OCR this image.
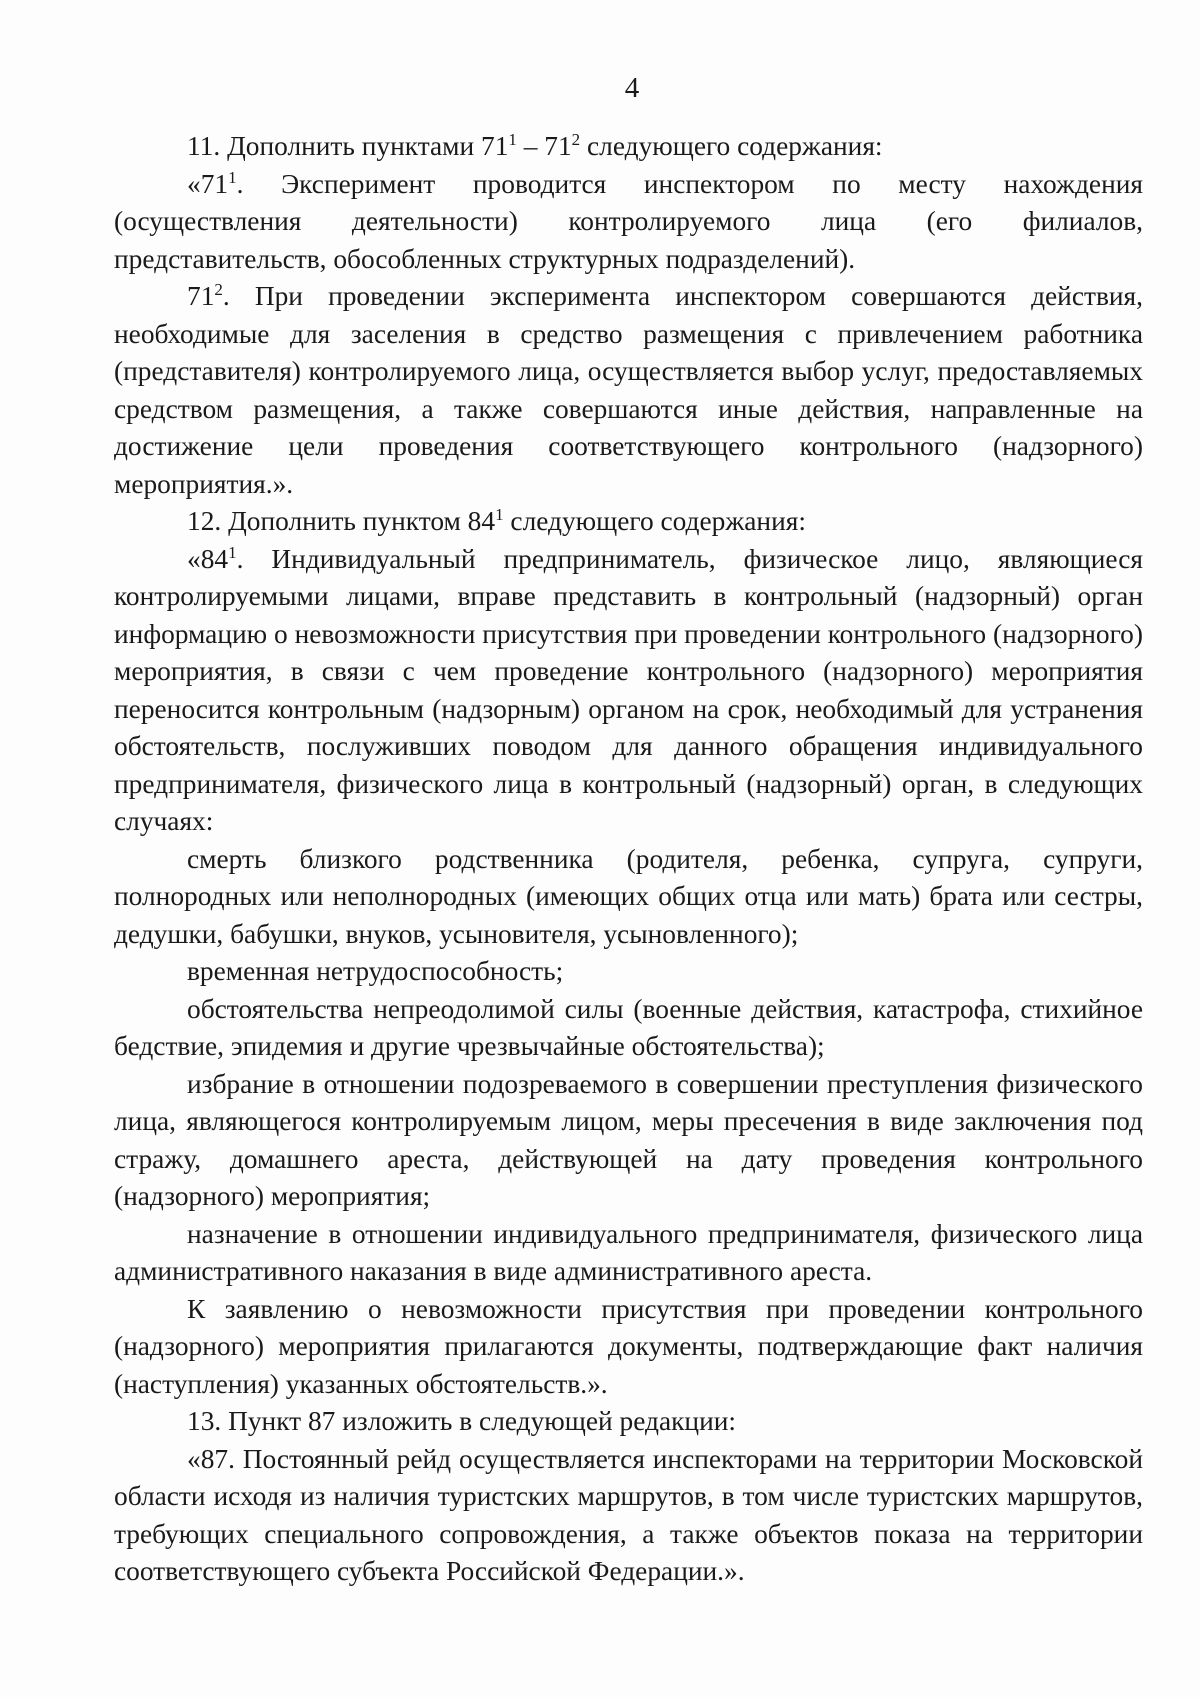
4

11. Дополнить пунктами $71^1 - 71^2$ следующего содержания:

«$71^1$. Эксперимент проводится инспектором по месту нахождения (осуществления деятельности) контролируемого лица (его филиалов, представительств, обособленных структурных подразделений).

$71^2$. При проведении эксперимента инспектором совершаются действия, необходимые для заселения в средство размещения с привлечением работника (представителя) контролируемого лица, осуществляется выбор услуг, предоставляемых средством размещения, а также совершаются иные действия, направленные на достижение цели проведения соответствующего контрольного (надзорного) мероприятия.».

12. Дополнить пунктом $84^1$ следующего содержания:

«$84^1$. Индивидуальный предприниматель, физическое лицо, являющиеся контролируемыми лицами, вправе представить в контрольный (надзорный) орган информацию о невозможности присутствия при проведении контрольного (надзорного) мероприятия, в связи с чем проведение контрольного (надзорного) мероприятия переносится контрольным (надзорным) органом на срок, необходимый для устранения обстоятельств, послуживших поводом для данного обращения индивидуального предпринимателя, физического лица в контрольный (надзорный) орган, в следующих случаях:

смерть близкого родственника (родителя, ребенка, супруга, супруги, полнородных или неполнородных (имеющих общих отца или мать) брата или сестры, дедушки, бабушки, внуков, усыновителя, усыновленного);

временная нетрудоспособность;

обстоятельства непреодолимой силы (военные действия, катастрофа, стихийное бедствие, эпидемия и другие чрезвычайные обстоятельства);

избрание в отношении подозреваемого в совершении преступления физического лица, являющегося контролируемым лицом, меры пресечения в виде заключения под стражу, домашнего ареста, действующей на дату проведения контрольного (надзорного) мероприятия;

назначение в отношении индивидуального предпринимателя, физического лица административного наказания в виде административного ареста.

К заявлению о невозможности присутствия при проведении контрольного (надзорного) мероприятия прилагаются документы, подтверждающие факт наличия (наступления) указанных обстоятельств.».

13. Пункт 87 изложить в следующей редакции:

«87. Постоянный рейд осуществляется инспекторами на территории Московской области исходя из наличия туристских маршрутов, в том числе туристских маршрутов, требующих специального сопровождения, а также объектов показа на территории соответствующего субъекта Российской Федерации.».
